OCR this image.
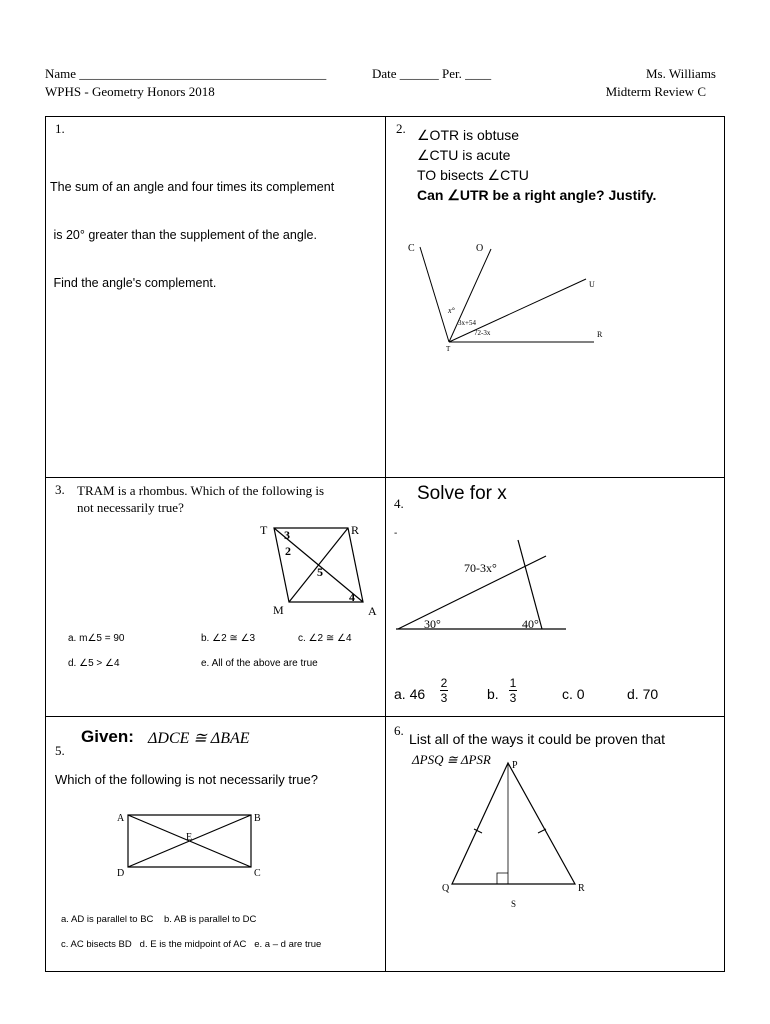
Name ______________________________________	Date ______ Per. ____	Ms. Williams
WPHS - Geometry Honors 2018	Midterm Review C
1.

The sum of an angle and four times its complement

is 20° greater than the supplement of the angle.

Find the angle's complement.

2. ∠OTR is obtuse
∠CTU is acute
TO bisects ∠CTU
Can ∠UTR be a right angle? Justify.
C	O
U
R
T
x°
3x+54
72-3x
3. TRAM is a rhombus. Which of the following is
not necessarily true?
T	R
M	A
3
2
5
4
a. m∠5 = 90	b. ∠2 ≅ ∠3	c. ∠2 ≅ ∠4
d. ∠5 > ∠4	e. All of the above are true
4. Solve for x
-
70-3x°
30°	40°
a. 46
2
3	b.
1
3	c. 0	d. 70
5.
Given: ΔDCE ≅ ΔBAE
Which of the following is not necessarily true?
A	B
C
D
E
a. AD is parallel to BC    b. AB is parallel to DC
c. AC bisects BD   d. E is the midpoint of AC   e. a – d are true
6.
List all of the ways it could be proven that
ΔPSQ ≅ ΔPSR P
Q	R
S
